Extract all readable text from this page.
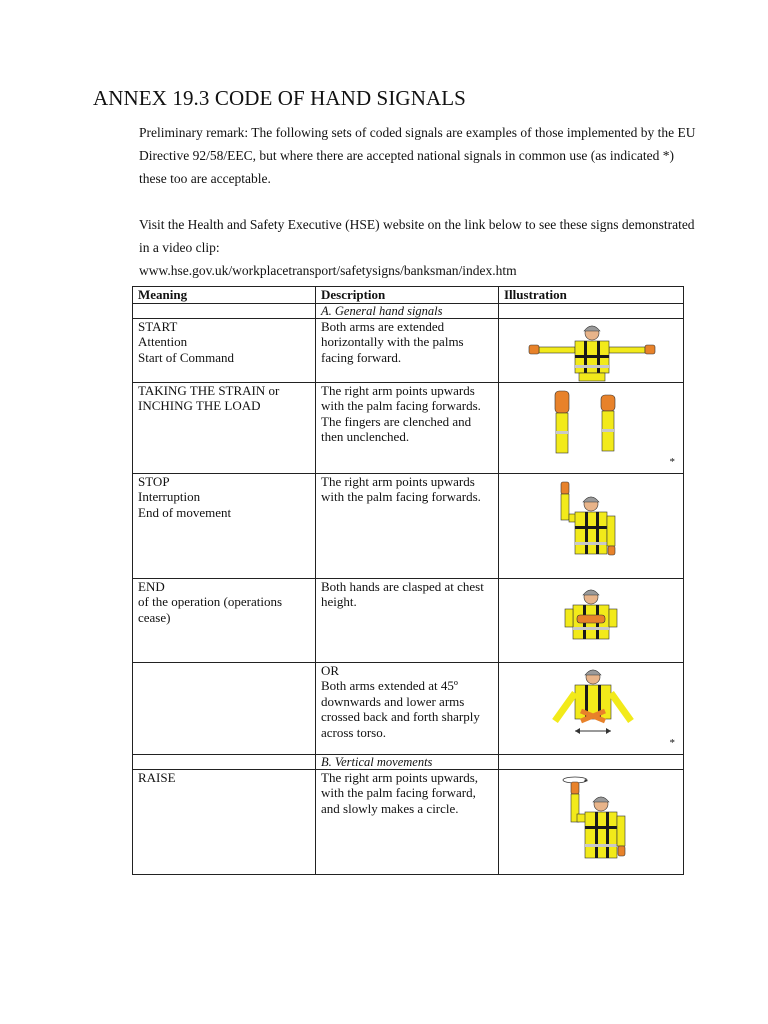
ANNEX 19.3 CODE OF HAND SIGNALS

Preliminary remark: The following sets of coded signals are examples of those implemented by the EU Directive 92/58/EEC, but where there are accepted national signals in common use (as indicated *) these too are acceptable.

Visit the Health and Safety Executive (HSE) website on the link below to see these signs demonstrated in a video clip:
www.hse.gov.uk/workplacetransport/safetysigns/banksman/index.htm

Meaning	Description	Illustration
	A. General hand signals	
START
Attention
Start of Command	Both arms are extended horizontally with the palms facing forward.	

TAKING THE STRAIN or INCHING THE LOAD	The right arm points upwards with the palm facing forwards. The fingers are clenched and then unclenched.	*

STOP
Interruption
End of movement	The right arm points upwards with the palm facing forwards.	

END
of the operation (operations cease)	Both hands are clasped at chest height.	

	OR
Both arms extended at 45º downwards and lower arms crossed back and forth sharply across torso.	*

	B. Vertical movements	
RAISE	The right arm points upwards, with the palm facing forward, and slowly makes a circle.	
